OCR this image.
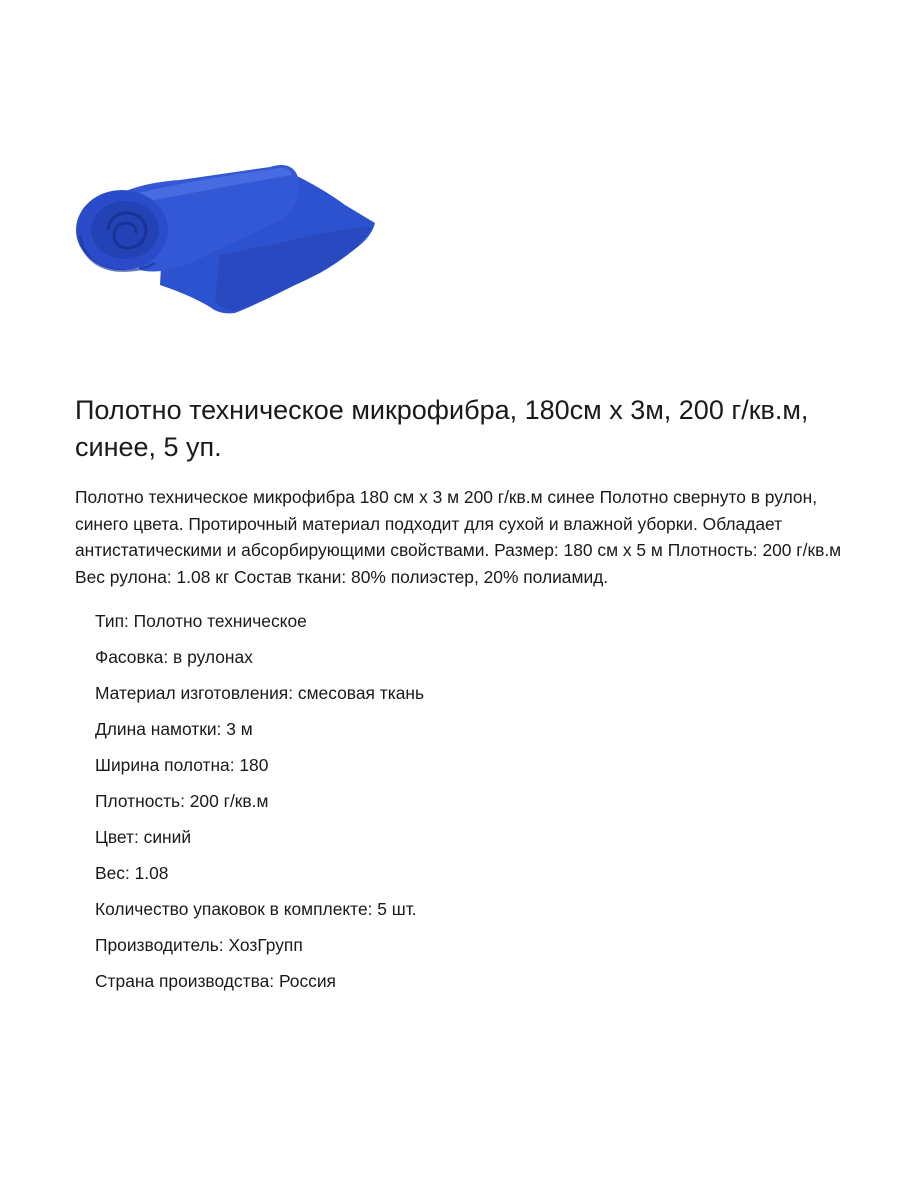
Полотно техническое микрофибра, 180см х 3м, 200 г/кв.м, синее, 5 уп.

Полотно техническое микрофибра 180 см х 3 м 200 г/кв.м синее Полотно свернуто в рулон, синего цвета. Протирочный материал подходит для сухой и влажной уборки. Обладает антистатическими и абсорбирующими свойствами. Размер: 180 см х 5 м Плотность: 200 г/кв.м Вес рулона: 1.08 кг Состав ткани: 80% полиэстер, 20% полиамид.

Тип: Полотно техническое
Фасовка: в рулонах
Материал изготовления: смесовая ткань
Длина намотки: 3 м
Ширина полотна: 180
Плотность: 200 г/кв.м
Цвет: синий
Вес: 1.08
Количество упаковок в комплекте: 5 шт.
Производитель: ХозГрупп
Страна производства: Россия
